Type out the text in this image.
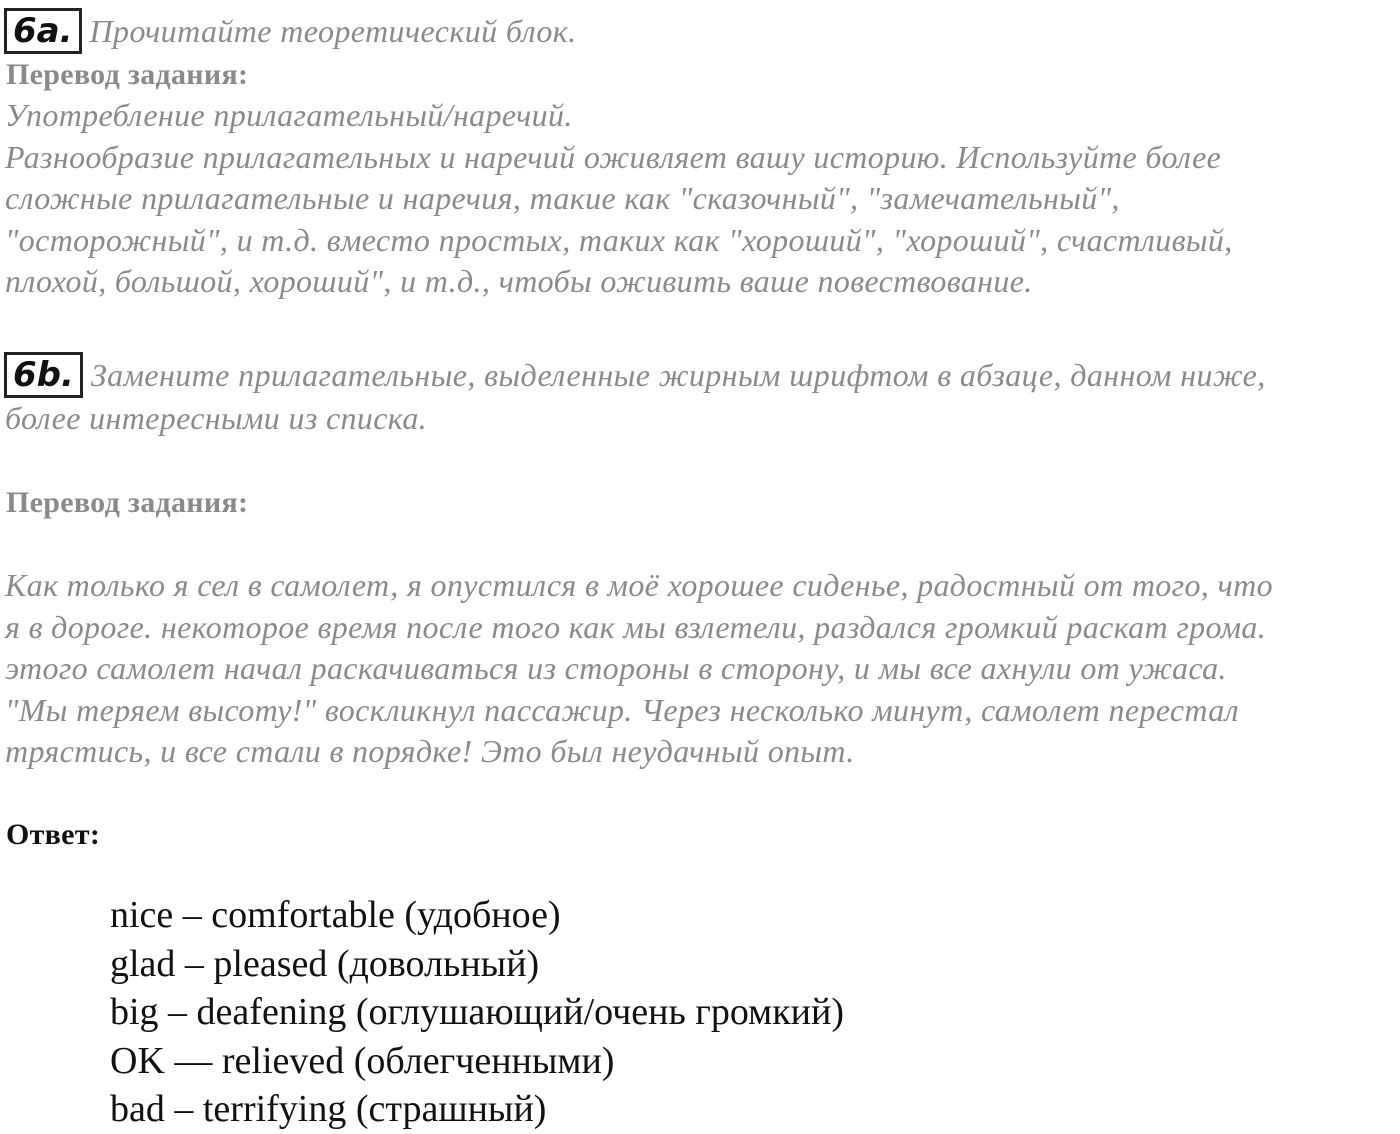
6a. Прочитайте теоретический блок.
Перевод задания:
Употребление прилагательный/наречий.
Разнообразие прилагательных и наречий оживляет вашу историю. Используйте более
сложные прилагательные и наречия, такие как "сказочный", "замечательный",
"осторожный", и т.д. вместо простых, таких как "хороший", "хороший", счастливый,
плохой, большой, хороший", и т.д., чтобы оживить ваше повествование.
6b. Замените прилагательные, выделенные жирным шрифтом в абзаце, данном ниже,
более интересными из списка.
Перевод задания:
Как только я сел в самолет, я опустился в моё хорошее сиденье, радостный от того, что
я в дороге. некоторое время после того как мы взлетели, раздался громкий раскат грома.
этого самолет начал раскачиваться из стороны в сторону, и мы все ахнули от ужаса.
"Мы теряем высоту!" воскликнул пассажир. Через несколько минут, самолет перестал
трястись, и все стали в порядке! Это был неудачный опыт.
Ответ:
nice – comfortable (удобное)
glad – pleased (довольный)
big – deafening (оглушающий/очень громкий)
OK — relieved (облегченными)
bad – terrifying (страшный)
